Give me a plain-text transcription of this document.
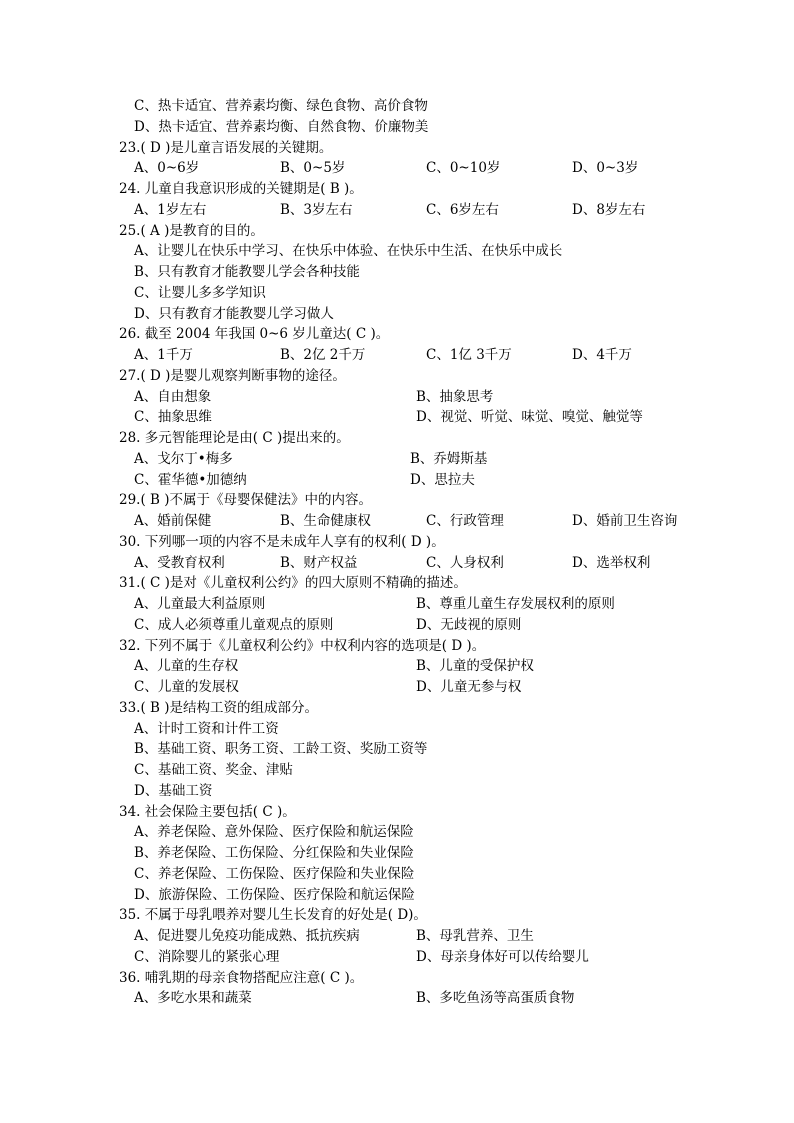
C、热卡适宜、营养素均衡、绿色食物、高价食物
D、热卡适宜、营养素均衡、自然食物、价廉物美
23.( D )是儿童言语发展的关键期。
A、0~6岁	B、0~5岁	C、0~10岁	D、0~3岁
24. 儿童自我意识形成的关键期是( B )。
A、1岁左右	B、3岁左右	C、6岁左右	D、8岁左右
25.( A )是教育的目的。
A、让婴儿在快乐中学习、在快乐中体验、在快乐中生活、在快乐中成长
B、只有教育才能教婴儿学会各种技能
C、让婴儿多多学知识
D、只有教育才能教婴儿学习做人
26. 截至 2004 年我国 0~6 岁儿童达( C )。
A、1千万	B、2亿 2千万	C、1亿 3千万	D、4千万
27.( D )是婴儿观察判断事物的途径。
A、自由想象	B、抽象思考
C、抽象思维	D、视觉、听觉、味觉、嗅觉、触觉等
28. 多元智能理论是由( C )提出来的。
A、戈尔丁•梅多	B、乔姆斯基
C、霍华德•加德纳	D、思拉夫
29.( B )不属于《母婴保健法》中的内容。
A、婚前保健	B、生命健康权	C、行政管理	D、婚前卫生咨询
30. 下列哪一项的内容不是未成年人享有的权利( D )。
A、受教育权利	B、财产权益	C、人身权利	D、选举权利
31.( C )是对《儿童权利公约》的四大原则不精确的描述。
A、儿童最大利益原则	B、尊重儿童生存发展权利的原则
C、成人必须尊重儿童观点的原则	D、无歧视的原则
32. 下列不属于《儿童权利公约》中权利内容的选项是( D )。
A、儿童的生存权	B、儿童的受保护权
C、儿童的发展权	D、儿童无参与权
33.( B )是结构工资的组成部分。
A、计时工资和计件工资
B、基础工资、职务工资、工龄工资、奖励工资等
C、基础工资、奖金、津贴
D、基础工资
34. 社会保险主要包括( C )。
A、养老保险、意外保险、医疗保险和航运保险
B、养老保险、工伤保险、分红保险和失业保险
C、养老保险、工伤保险、医疗保险和失业保险
D、旅游保险、工伤保险、医疗保险和航运保险
35. 不属于母乳喂养对婴儿生长发育的好处是( D)。
A、促进婴儿免疫功能成熟、抵抗疾病	B、母乳营养、卫生
C、消除婴儿的紧张心理	D、母亲身体好可以传给婴儿
36. 哺乳期的母亲食物搭配应注意( C )。
A、多吃水果和蔬菜	B、多吃鱼汤等高蛋质食物
